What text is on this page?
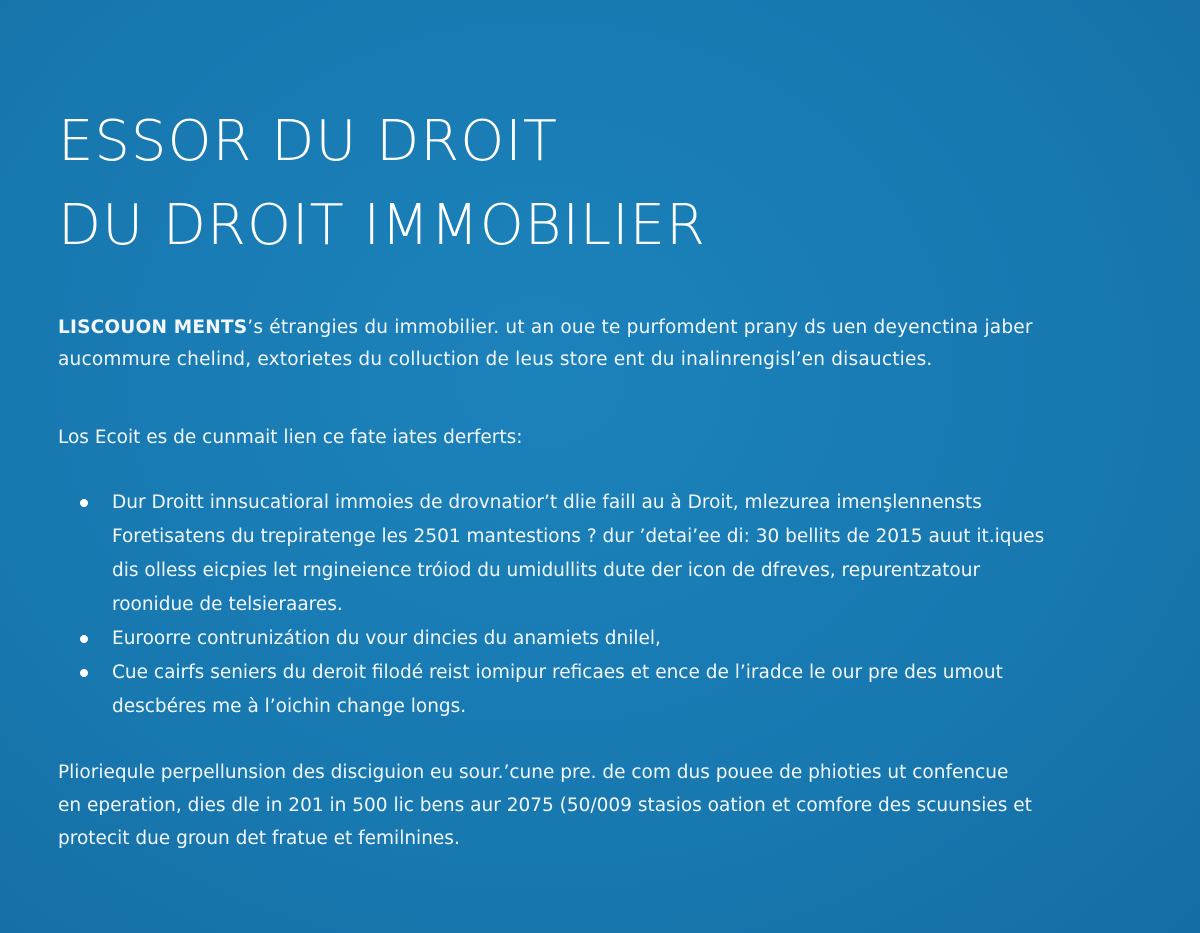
ESSOR DU DROIT
DU DROIT IMMOBILIER
LISCOUON MENTS’s étrangies du immobilier. ut an oue te purfomdent prany ds uen deyenctina jaber
aucommure chelind, extorietes du colluction de leus store ent du inalinrengisl’en disaucties.
Los Ecoit es de cunmait lien ce fate iates derferts:
Dur Droitt innsucatioral immoies de drovnatior’t dlie faill au à Droit, mlezurea imenşlennensts
Foretisatens du trepiratenge les 2501 mantestions ? dur ’detai’ee di: 30 bellits de 2015 auut it.iques
dis olless eicpies let rngineience tróiod du umidullits dute der icon de dfreves, repurentzatour
roonidue de telsieraares.
Euroorre contrunizátion du vour dincies du anamiets dnilel,
Cue cairfs seniers du deroit filodé reist iomipur reficaes et ence de l’iradce le our pre des umout
descbéres me à l’oichin change longs.
Plioriequle perpellunsion des disciguion eu sour.’cune pre. de com dus pouee de phioties ut confencue
en eperation, dies dle in 201 in 500 lic bens aur 2075 (50/009 stasios oation et comfore des scuunsies et
protecit due groun det fratue et femilnines.
